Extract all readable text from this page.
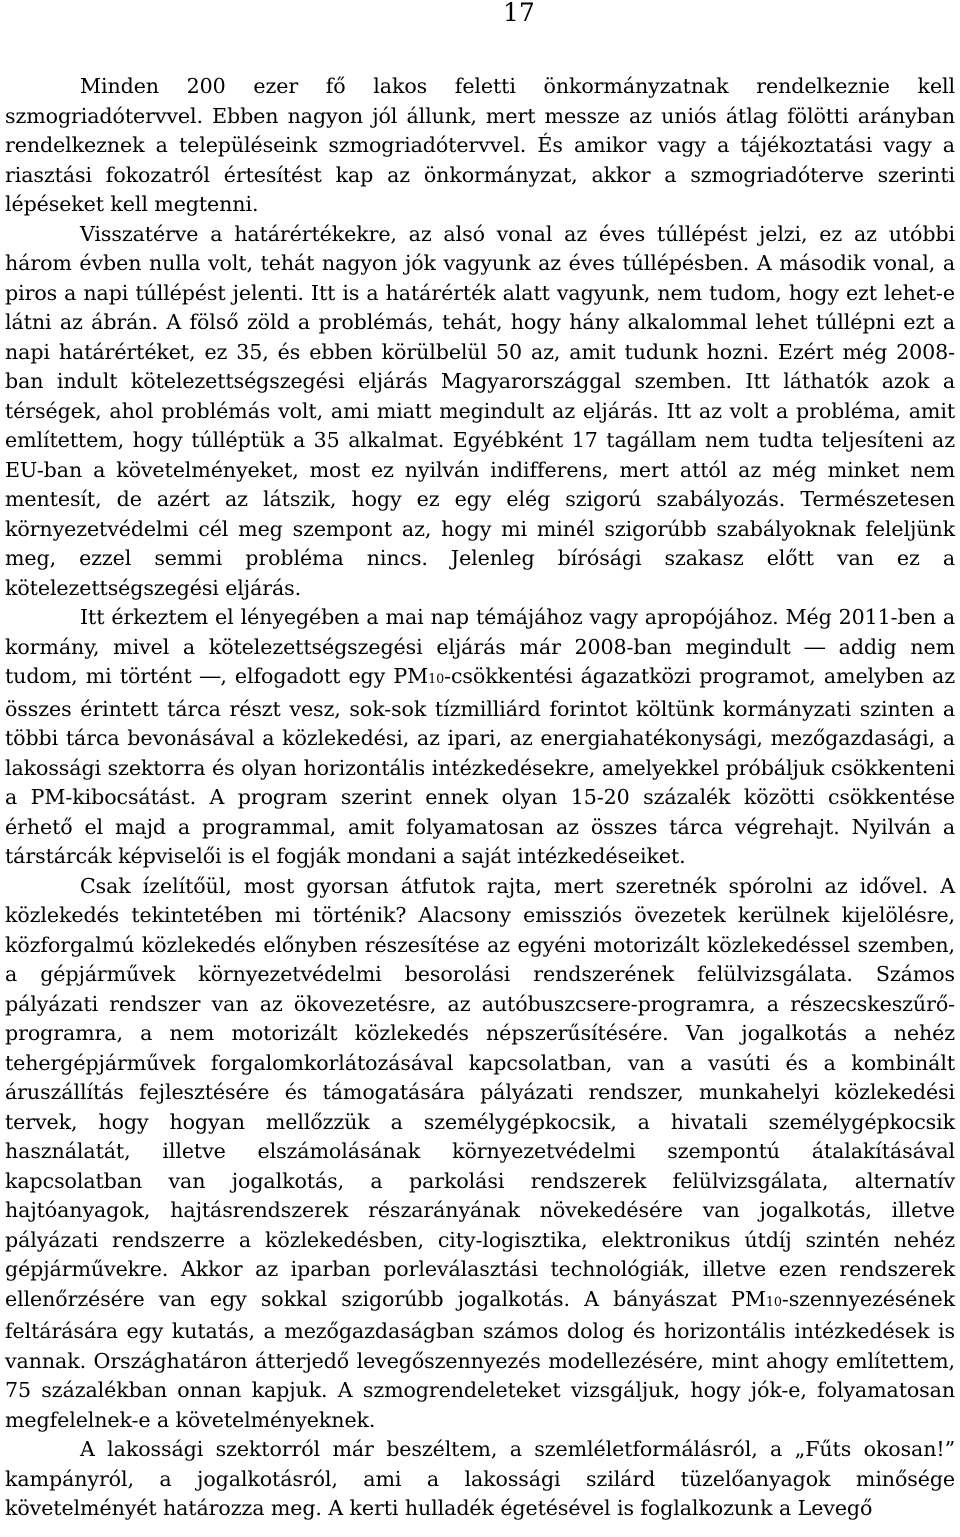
17

Minden 200 ezer fő lakos feletti önkormányzatnak rendelkeznie kell szmogriadótervvel. Ebben nagyon jól állunk, mert messze az uniós átlag fölötti arányban rendelkeznek a településeink szmogriadótervvel. És amikor vagy a tájékoztatási vagy a riasztási fokozatról értesítést kap az önkormányzat, akkor a szmogriadóterve szerinti lépéseket kell megtenni.

Visszatérve a határértékekre, az alsó vonal az éves túllépést jelzi, ez az utóbbi három évben nulla volt, tehát nagyon jók vagyunk az éves túllépésben. A második vonal, a piros a napi túllépést jelenti. Itt is a határérték alatt vagyunk, nem tudom, hogy ezt lehet-e látni az ábrán. A fölső zöld a problémás, tehát, hogy hány alkalommal lehet túllépni ezt a napi határértéket, ez 35, és ebben körülbelül 50 az, amit tudunk hozni. Ezért még 2008-ban indult kötelezettségszegési eljárás Magyarországgal szemben. Itt láthatók azok a térségek, ahol problémás volt, ami miatt megindult az eljárás. Itt az volt a probléma, amit említettem, hogy túlléptük a 35 alkalmat. Egyébként 17 tagállam nem tudta teljesíteni az EU-ban a követelményeket, most ez nyilván indifferens, mert attól az még minket nem mentesít, de azért az látszik, hogy ez egy elég szigorú szabályozás. Természetesen környezetvédelmi cél meg szempont az, hogy mi minél szigorúbb szabályoknak feleljünk meg, ezzel semmi probléma nincs. Jelenleg bírósági szakasz előtt van ez a kötelezettségszegési eljárás.

Itt érkeztem el lényegében a mai nap témájához vagy apropójához. Még 2011-ben a kormány, mivel a kötelezettségszegési eljárás már 2008-ban megindult ― addig nem tudom, mi történt ―, elfogadott egy PM10-csökkentési ágazatközi programot, amelyben az összes érintett tárca részt vesz, sok-sok tízmilliárd forintot költünk kormányzati szinten a többi tárca bevonásával a közlekedési, az ipari, az energiahatékonysági, mezőgazdasági, a lakossági szektorra és olyan horizontális intézkedésekre, amelyekkel próbáljuk csökkenteni a PM-kibocsátást. A program szerint ennek olyan 15-20 százalék közötti csökkentése érhető el majd a programmal, amit folyamatosan az összes tárca végrehajt. Nyilván a társtárcák képviselői is el fogják mondani a saját intézkedéseiket.

Csak ízelítőül, most gyorsan átfutok rajta, mert szeretnék spórolni az idővel. A közlekedés tekintetében mi történik? Alacsony emissziós övezetek kerülnek kijelölésre, közforgalmú közlekedés előnyben részesítése az egyéni motorizált közlekedéssel szemben, a gépjárművek környezetvédelmi besorolási rendszerének felülvizsgálata. Számos pályázati rendszer van az ökovezetésre, az autóbuszcsere-programra, a részecskeszűrő-programra, a nem motorizált közlekedés népszerűsítésére. Van jogalkotás a nehéz tehergépjárművek forgalomkorlátozásával kapcsolatban, van a vasúti és a kombinált áruszállítás fejlesztésére és támogatására pályázati rendszer, munkahelyi közlekedési tervek, hogy hogyan mellőzzük a személygépkocsik, a hivatali személygépkocsik használatát, illetve elszámolásának környezetvédelmi szempontú átalakításával kapcsolatban van jogalkotás, a parkolási rendszerek felülvizsgálata, alternatív hajtóanyagok, hajtásrendszerek részarányának növekedésére van jogalkotás, illetve pályázati rendszerre a közlekedésben, city-logisztika, elektronikus útdíj szintén nehéz gépjárművekre. Akkor az iparban porleválasztási technológiák, illetve ezen rendszerek ellenőrzésére van egy sokkal szigorúbb jogalkotás. A bányászat PM10-szennyezésének feltárására egy kutatás, a mezőgazdaságban számos dolog és horizontális intézkedések is vannak. Országhatáron átterjedő levegőszennyezés modellezésére, mint ahogy említettem, 75 százalékban onnan kapjuk. A szmogrendeleteket vizsgáljuk, hogy jók-e, folyamatosan megfelelnek-e a követelményeknek.

A lakossági szektorról már beszéltem, a szemléletformálásról, a „Fűts okosan!” kampányról, a jogalkotásról, ami a lakossági szilárd tüzelőanyagok minősége követelményét határozza meg. A kerti hulladék égetésével is foglalkozunk a Levegő
